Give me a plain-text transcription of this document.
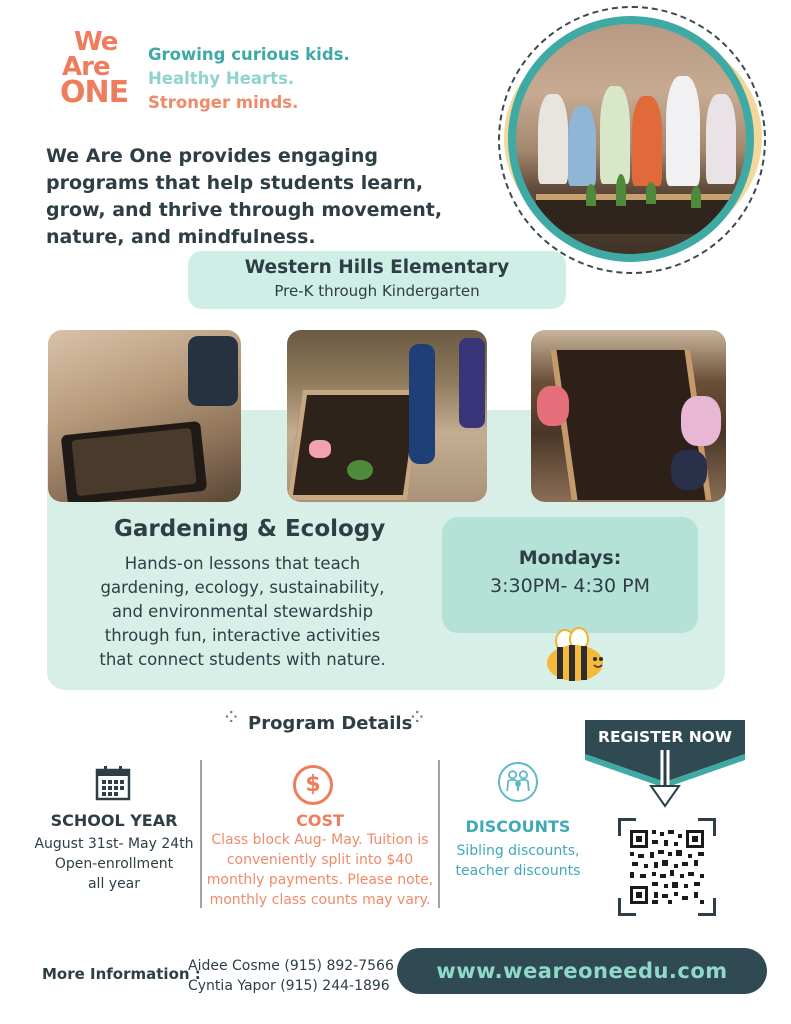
We
Are
ONE
Growing curious kids.
Healthy Hearts.
Stronger minds.
We Are One provides engaging programs that help students learn, grow, and thrive through movement, nature, and mindfulness.
Western Hills Elementary
Pre-K through Kindergarten
Gardening & Ecology
Hands-on lessons that teach gardening, ecology, sustainability, and environmental stewardship through fun, interactive activities that connect students with nature.
Mondays:
3:30PM- 4:30 PM
⁘ Program Details
⁘
SCHOOL YEAR
August 31st- May 24th
Open-enrollment
all year
$
COST
Class block Aug- May. Tuition is conveniently split into $40 monthly payments. Please note, monthly class counts may vary.
DISCOUNTS
Sibling discounts,
teacher discounts
REGISTER NOW
More Information :
Aidee Cosme (915) 892-7566
Cyntia Yapor (915) 244-1896
www.weareoneedu.com
